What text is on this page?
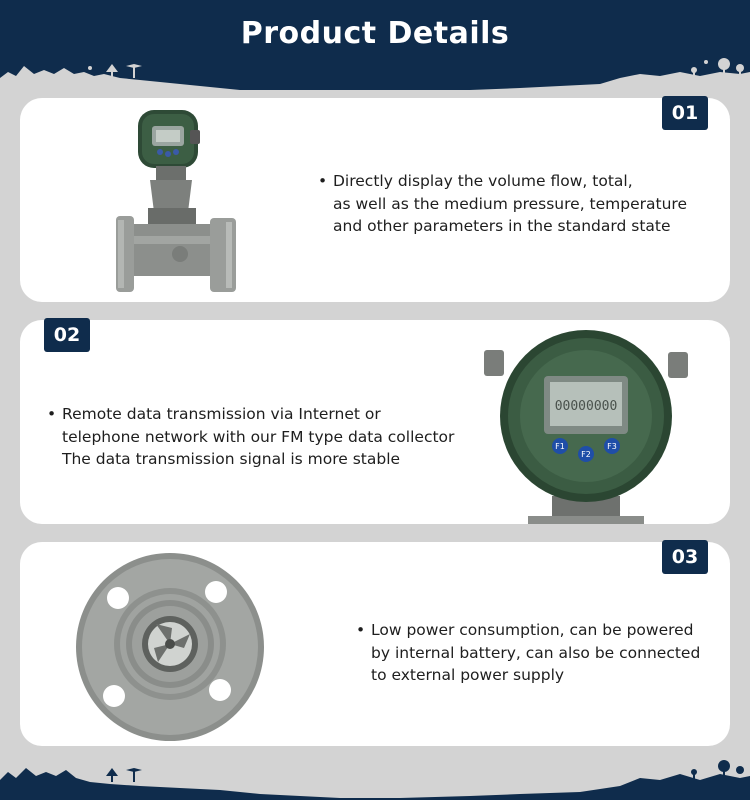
Product Details
01
• Directly display the volume flow, total,
as well as the medium pressure, temperature
and other parameters in the standard state
02
• Remote data transmission via Internet or
telephone network with our FM type data collector
The data transmission signal is more stable
00000000
F1
F2
F3
03
• Low power consumption, can be powered
by internal battery, can also be connected
to external power supply
